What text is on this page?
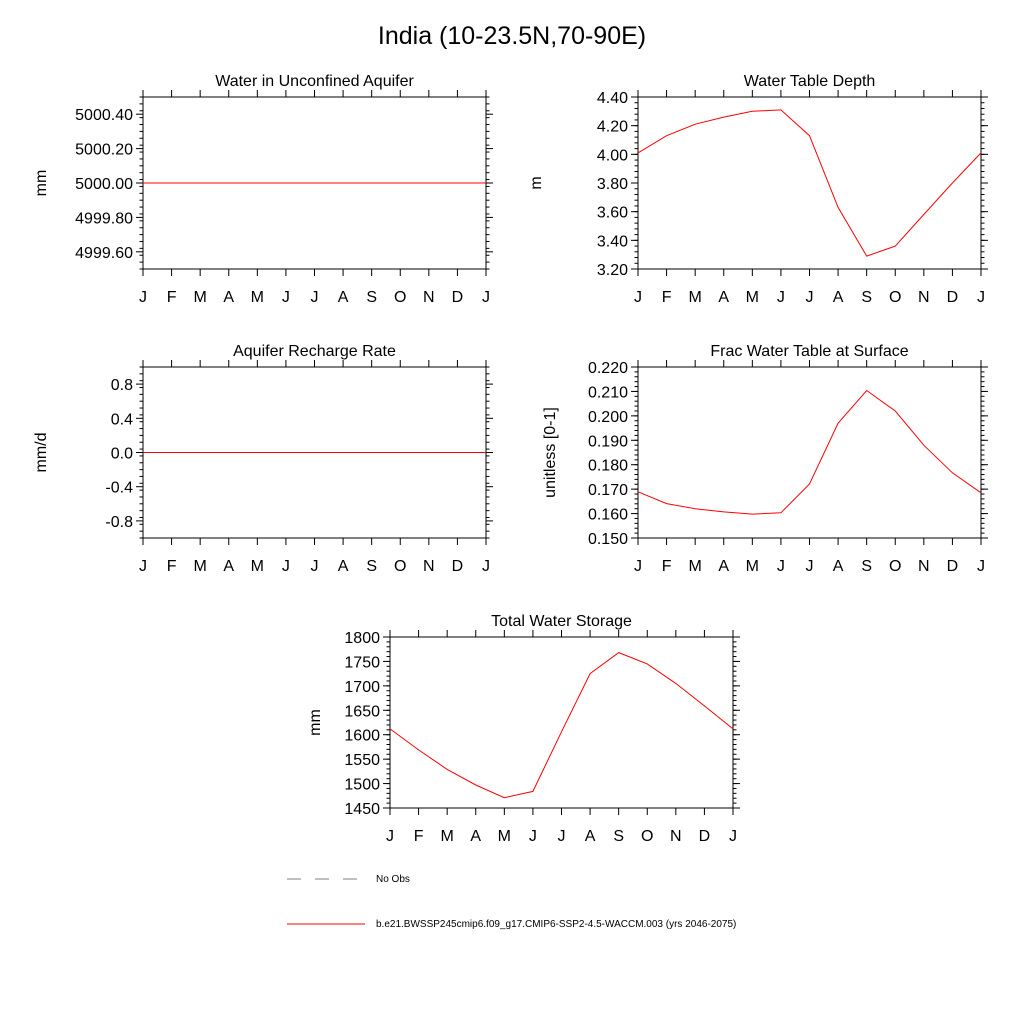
India (10-23.5N,70-90E)
Water in Unconfined Aquifer
mm
4999.60
4999.80
5000.00
5000.20
5000.40
J F M A M J J A S O N D J
Water Table Depth
m
3.20
3.40
3.60
3.80
4.00
4.20
4.40
J F M A M J J A S O N D J
Aquifer Recharge Rate
mm/d
-0.8
-0.4
0.0
0.4
0.8
J F M A M J J A S O N D J
Frac Water Table at Surface
unitless [0-1]
0.150
0.160
0.170
0.180
0.190
0.200
0.210
0.220
J F M A M J J A S O N D J
Total Water Storage
mm
1450
1500
1550
1600
1650
1700
1750
1800
J F M A M J J A S O N D J
No Obs
b.e21.BWSSP245cmip6.f09_g17.CMIP6-SSP2-4.5-WACCM.003 (yrs 2046-2075)
